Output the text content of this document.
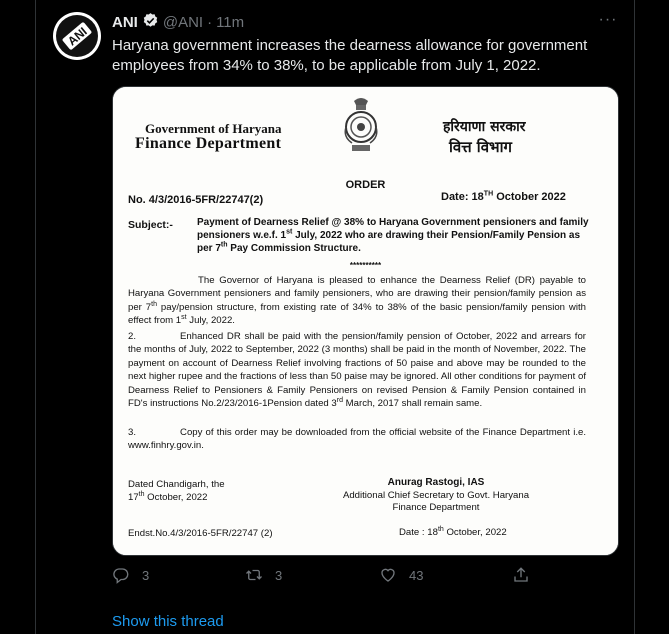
ANI
ANI @ANI · 11m	···
Haryana government increases the dearness allowance for government employees from 34% to 38%, to be applicable from July 1, 2022.
Government of Haryana
Finance Department
हरियाणा सरकार
वित्त विभाग
ORDER
No. 4/3/2016-5FR/22747(2)	Date: 18TH October 2022
Subject:- Payment of Dearness Relief @ 38% to Haryana Government pensioners and family pensioners w.e.f. 1st July, 2022 who are drawing their Pension/Family Pension as per 7th Pay Commission Structure.
**********
The Governor of Haryana is pleased to enhance the Dearness Relief (DR) payable to Haryana Government pensioners and family pensioners, who are drawing their pension/family pension as per 7th pay/pension structure, from existing rate of 34% to 38% of the basic pension/family pension with effect from 1st July, 2022.
2.	Enhanced DR shall be paid with the pension/family pension of October, 2022 and arrears for the months of July, 2022 to September, 2022 (3 months) shall be paid in the month of November, 2022. The payment on account of Dearness Relief involving fractions of 50 paise and above may be rounded to the next higher rupee and the fractions of less than 50 paise may be ignored. All other conditions for payment of Dearness Relief to Pensioners & Family Pensioners on revised Pension & Family Pension contained in FD's instructions No.2/23/2016-1Pension dated 3rd March, 2017 shall remain same.
3.	Copy of this order may be downloaded from the official website of the Finance Department i.e. www.finhry.gov.in.
Dated Chandigarh, the
17th October, 2022
Anurag Rastogi, IAS
Additional Chief Secretary to Govt. Haryana
Finance Department
Endst.No.4/3/2016-5FR/22747 (2)	Date : 18th October, 2022
3	3	43
Show this thread
